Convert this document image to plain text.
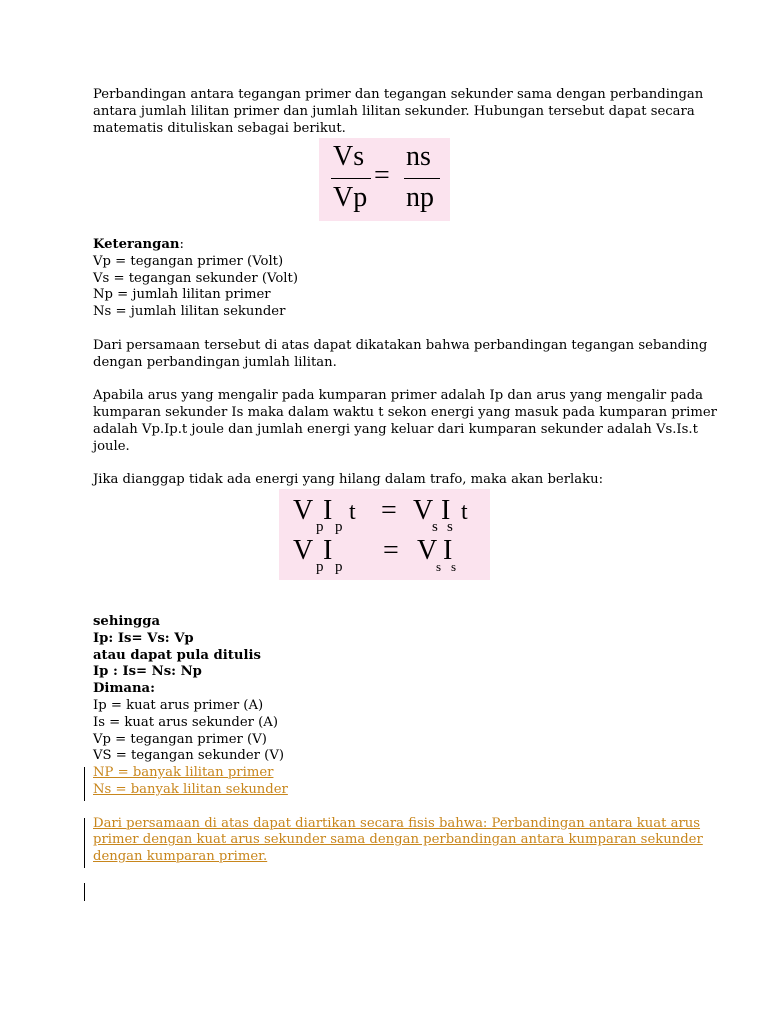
Perbandingan antara tegangan primer dan tegangan sekunder sama dengan perbandingan
antara jumlah lilitan primer dan jumlah lilitan sekunder. Hubungan tersebut dapat secara
matematis dituliskan sebagai berikut.
Vs
Vp
=
ns
np
Keterangan:
Vp = tegangan primer (Volt)
Vs = tegangan sekunder (Volt)
Np = jumlah lilitan primer
Ns = jumlah lilitan sekunder
Dari persamaan tersebut di atas dapat dikatakan bahwa perbandingan tegangan sebanding
dengan perbandingan jumlah lilitan.
Apabila arus yang mengalir pada kumparan primer adalah Ip dan arus yang mengalir pada
kumparan sekunder Is maka dalam waktu t sekon energi yang masuk pada kumparan primer
adalah Vp.Ip.t joule dan jumlah energi yang keluar dari kumparan sekunder adalah Vs.Is.t
joule.
Jika dianggap tidak ada energi yang hilang dalam trafo, maka akan berlaku:
V I
p p
t = V I
s s
t
V I
p p
= V I
s s
sehingga
Ip: Is= Vs: Vp
atau dapat pula ditulis
Ip : Is= Ns: Np
Dimana:
Ip = kuat arus primer (A)
Is = kuat arus sekunder (A)
Vp = tegangan primer (V)
VS = tegangan sekunder (V)
NP = banyak lilitan primer
Ns = banyak lilitan sekunder
Dari persamaan di atas dapat diartikan secara fisis bahwa: Perbandingan antara kuat arus
primer dengan kuat arus sekunder sama dengan perbandingan antara kumparan sekunder
dengan kumparan primer.
